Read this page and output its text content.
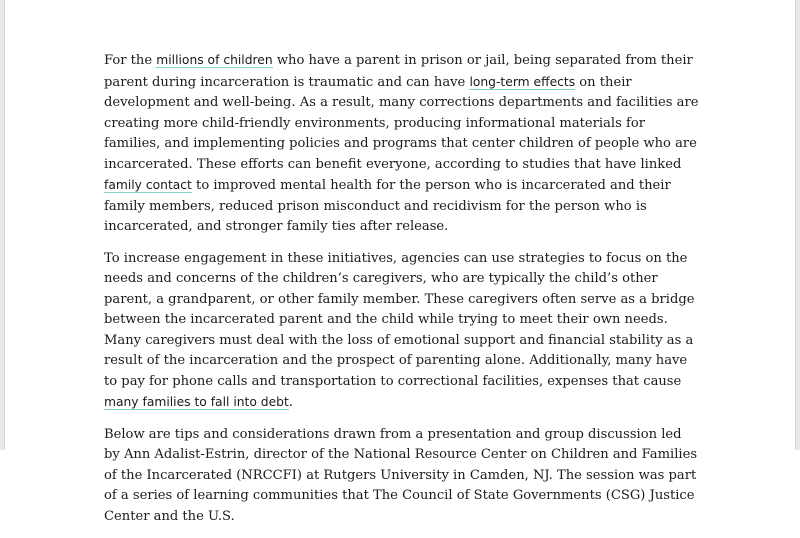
For the millions of children who have a parent in prison or jail, being separated from their parent during incarceration is traumatic and can have long-term effects on their development and well-being. As a result, many corrections departments and facilities are creating more child-friendly environments, producing informational materials for families, and implementing policies and programs that center children of people who are incarcerated. These efforts can benefit everyone, according to studies that have linked family contact to improved mental health for the person who is incarcerated and their family members, reduced prison misconduct and recidivism for the person who is incarcerated, and stronger family ties after release.

To increase engagement in these initiatives, agencies can use strategies to focus on the needs and concerns of the children’s caregivers, who are typically the child’s other parent, a grandparent, or other family member. These caregivers often serve as a bridge between the incarcerated parent and the child while trying to meet their own needs. Many caregivers must deal with the loss of emotional support and financial stability as a result of the incarceration and the prospect of parenting alone. Additionally, many have to pay for phone calls and transportation to correctional facilities, expenses that cause many families to fall into debt.

Below are tips and considerations drawn from a presentation and group discussion led by Ann Adalist-Estrin, director of the National Resource Center on Children and Families of the Incarcerated (NRCCFI) at Rutgers University in Camden, NJ. The session was part of a series of learning communities that The Council of State Governments (CSG) Justice Center and the U.S.
